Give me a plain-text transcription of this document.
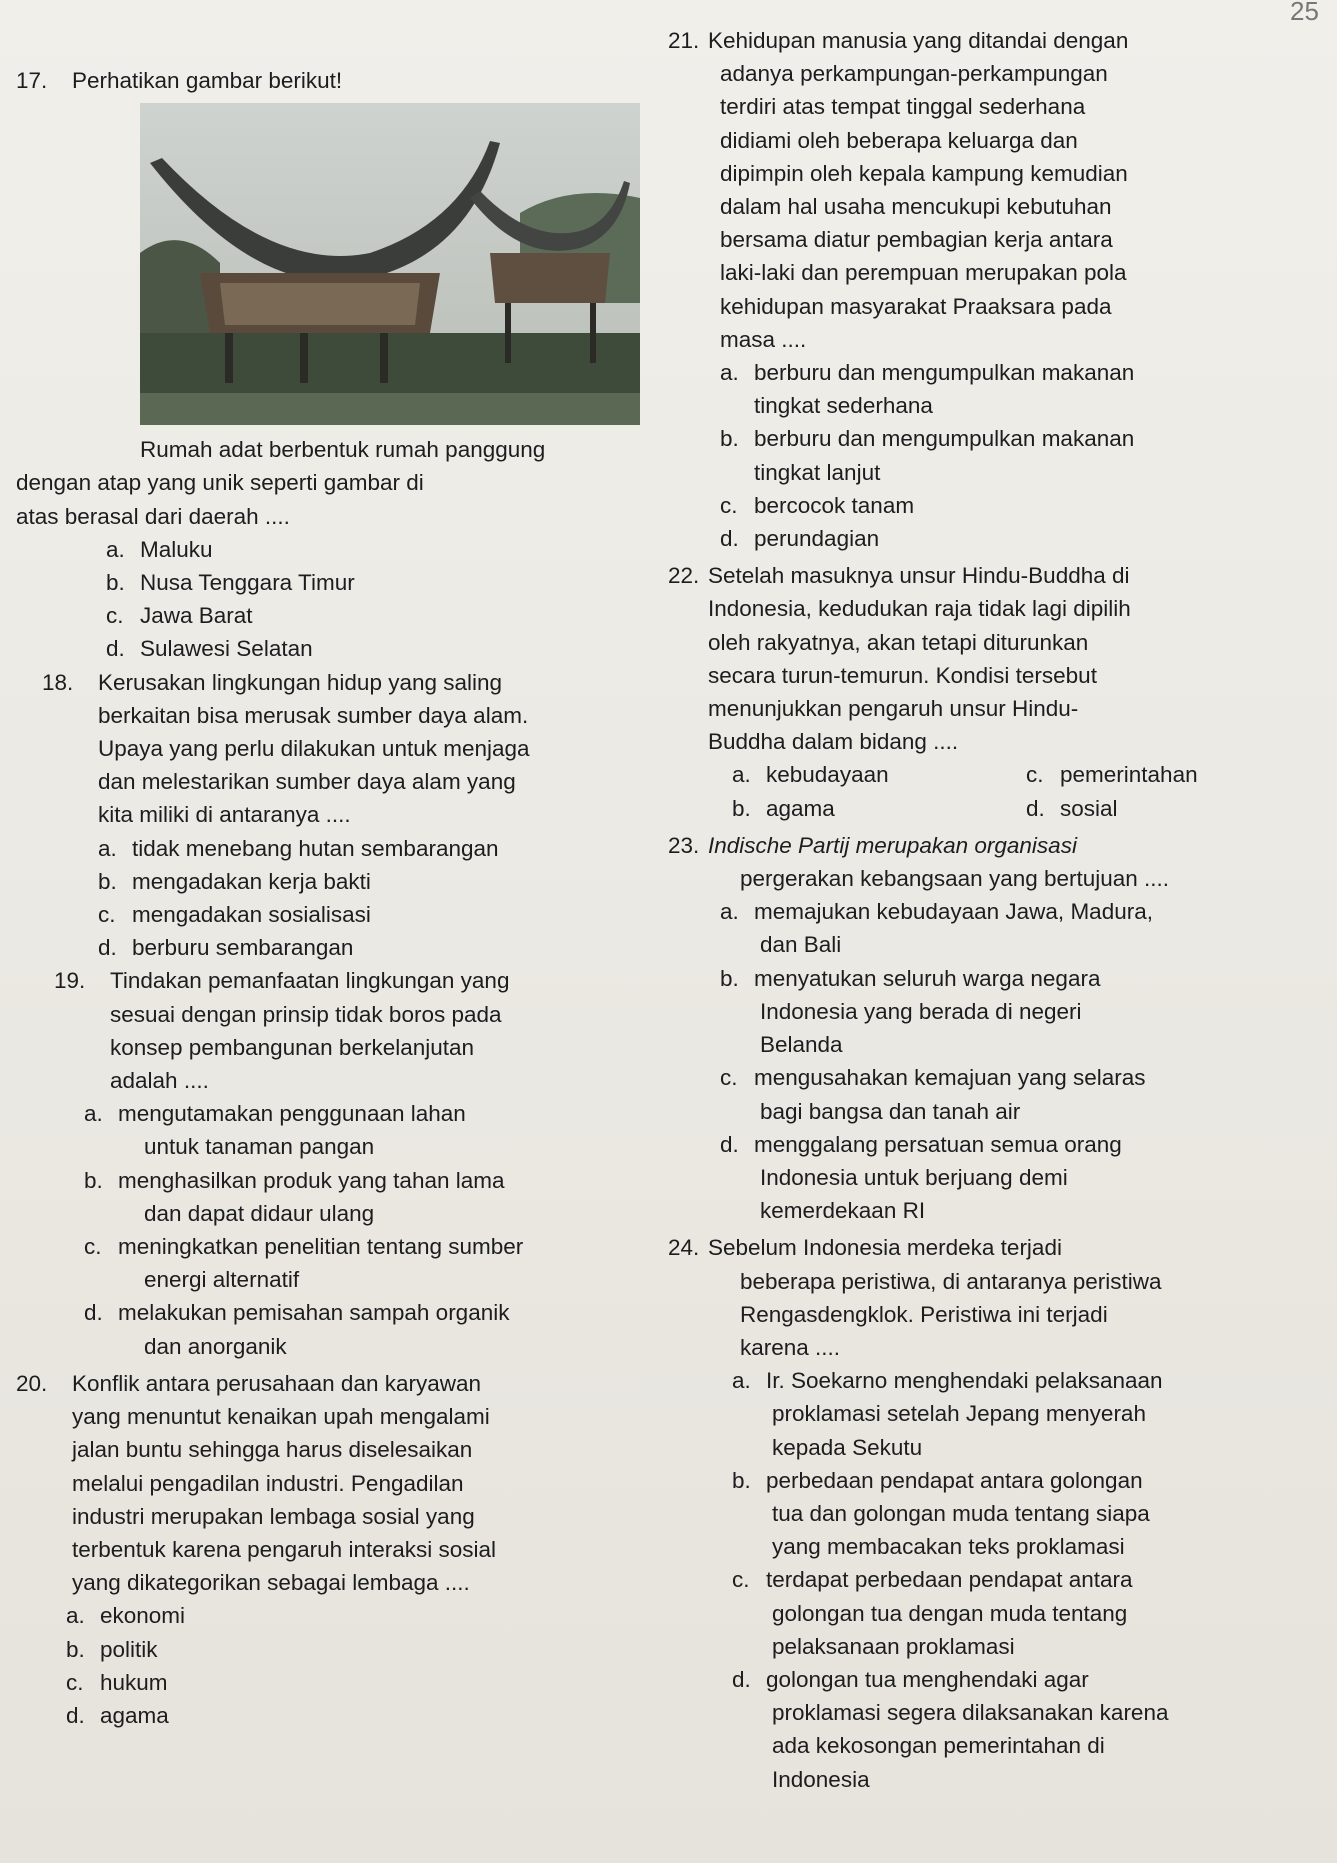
25

17. Perhatikan gambar berikut!

Rumah adat berbentuk rumah panggung

dengan atap yang unik seperti gambar di

atas berasal dari daerah ....

a. Maluku

b. Nusa Tenggara Timur

c. Jawa Barat

d. Sulawesi Selatan

18. Kerusakan lingkungan hidup yang saling

berkaitan bisa merusak sumber daya alam.

Upaya yang perlu dilakukan untuk menjaga

dan melestarikan sumber daya alam yang

kita miliki di antaranya ....

a. tidak menebang hutan sembarangan

b. mengadakan kerja bakti

c. mengadakan sosialisasi

d. berburu sembarangan

19. Tindakan pemanfaatan lingkungan yang

sesuai dengan prinsip tidak boros pada

konsep pembangunan berkelanjutan

adalah ....

a. mengutamakan penggunaan lahan

untuk tanaman pangan

b. menghasilkan produk yang tahan lama

dan dapat didaur ulang

c. meningkatkan penelitian tentang sumber

energi alternatif

d. melakukan pemisahan sampah organik

dan anorganik

20. Konflik antara perusahaan dan karyawan

yang menuntut kenaikan upah mengalami

jalan buntu sehingga harus diselesaikan

melalui pengadilan industri. Pengadilan

industri merupakan lembaga sosial yang

terbentuk karena pengaruh interaksi sosial

yang dikategorikan sebagai lembaga ....

a. ekonomi

b. politik

c. hukum

d. agama

21. Kehidupan manusia yang ditandai dengan

adanya perkampungan-perkampungan

terdiri atas tempat tinggal sederhana

didiami oleh beberapa keluarga dan

dipimpin oleh kepala kampung kemudian

dalam hal usaha mencukupi kebutuhan

bersama diatur pembagian kerja antara

laki-laki dan perempuan merupakan pola

kehidupan masyarakat Praaksara pada

masa ....

a. berburu dan mengumpulkan makanan

tingkat sederhana

b. berburu dan mengumpulkan makanan

tingkat lanjut

c. bercocok tanam

d. perundagian

22. Setelah masuknya unsur Hindu-Buddha di

Indonesia, kedudukan raja tidak lagi dipilih

oleh rakyatnya, akan tetapi diturunkan

secara turun-temurun. Kondisi tersebut

menunjukkan pengaruh unsur Hindu-

Buddha dalam bidang ....

a. kebudayaan	c. pemerintahan

b. agama	d. sosial

23. Indische Partij merupakan organisasi

pergerakan kebangsaan yang bertujuan ....

a. memajukan kebudayaan Jawa, Madura,

dan Bali

b. menyatukan seluruh warga negara

Indonesia yang berada di negeri

Belanda

c. mengusahakan kemajuan yang selaras

bagi bangsa dan tanah air

d. menggalang persatuan semua orang

Indonesia untuk berjuang demi

kemerdekaan RI

24. Sebelum Indonesia merdeka terjadi

beberapa peristiwa, di antaranya peristiwa

Rengasdengklok. Peristiwa ini terjadi

karena ....

a. Ir. Soekarno menghendaki pelaksanaan

proklamasi setelah Jepang menyerah

kepada Sekutu

b. perbedaan pendapat antara golongan

tua dan golongan muda tentang siapa

yang membacakan teks proklamasi

c. terdapat perbedaan pendapat antara

golongan tua dengan muda tentang

pelaksanaan proklamasi

d. golongan tua menghendaki agar

proklamasi segera dilaksanakan karena

ada kekosongan pemerintahan di

Indonesia
